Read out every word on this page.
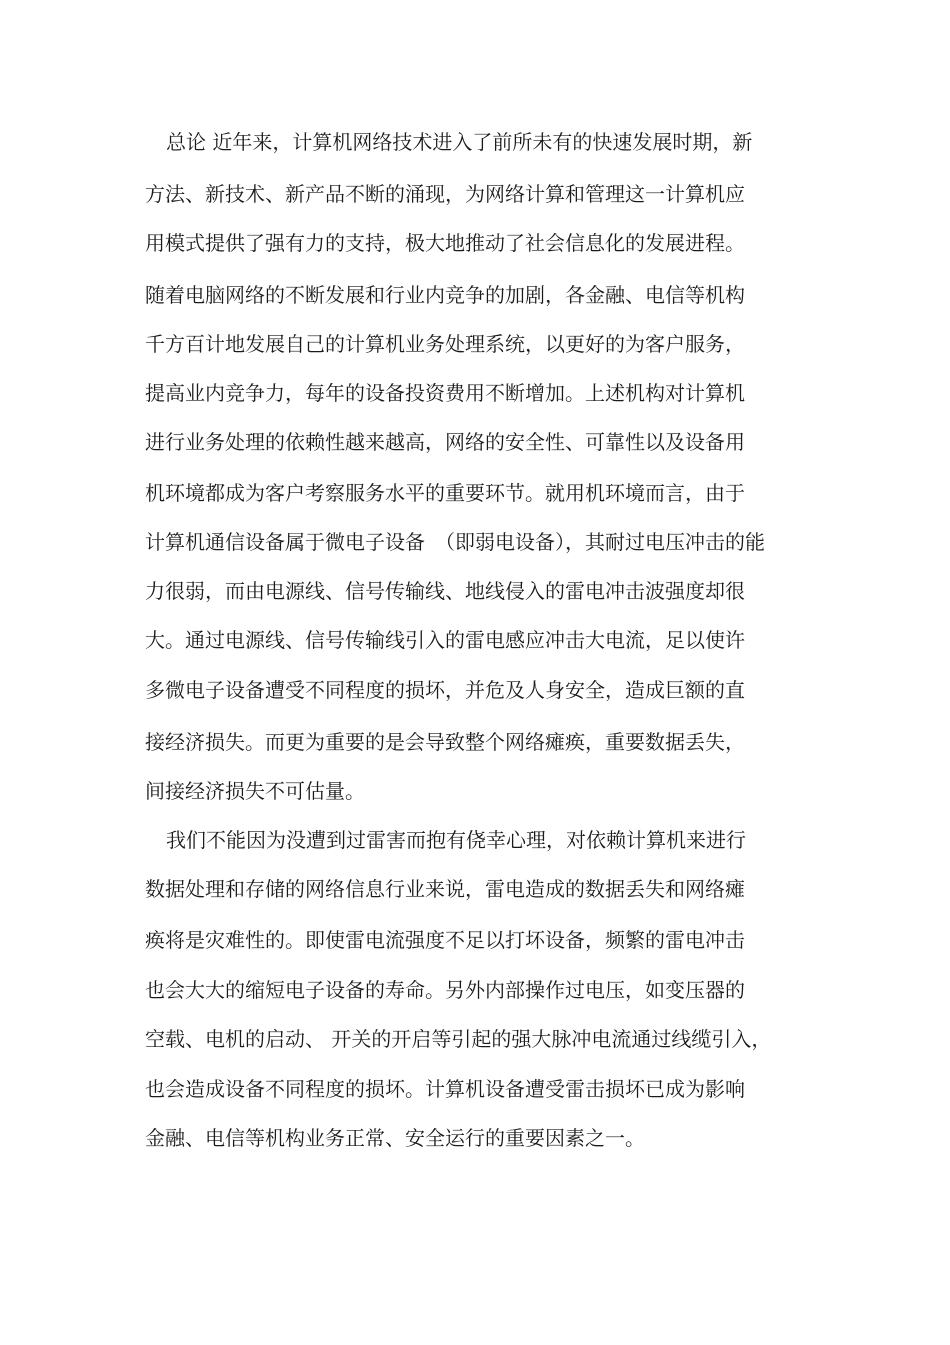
总论 近年来，计算机网络技术进入了前所未有的快速发展时期，新

方法、新技术、新产品不断的涌现，为网络计算和管理这一计算机应

用模式提供了强有力的支持，极大地推动了社会信息化的发展进程。

随着电脑网络的不断发展和行业内竞争的加剧，各金融、电信等机构

千方百计地发展自己的计算机业务处理系统，以更好的为客户服务，

提高业内竞争力，每年的设备投资费用不断增加。上述机构对计算机

进行业务处理的依赖性越来越高，网络的安全性、可靠性以及设备用

机环境都成为客户考察服务水平的重要环节。就用机环境而言，由于

计算机通信设备属于微电子设备　（即弱电设备），其耐过电压冲击的能

力很弱，而由电源线、信号传输线、地线侵入的雷电冲击波强度却很

大。通过电源线、信号传输线引入的雷电感应冲击大电流，足以使许

多微电子设备遭受不同程度的损坏，并危及人身安全，造成巨额的直

接经济损失。而更为重要的是会导致整个网络瘫痪，重要数据丢失，

间接经济损失不可估量。

我们不能因为没遭到过雷害而抱有侥幸心理，对依赖计算机来进行

数据处理和存储的网络信息行业来说，雷电造成的数据丢失和网络瘫

痪将是灾难性的。即使雷电流强度不足以打坏设备，频繁的雷电冲击

也会大大的缩短电子设备的寿命。另外内部操作过电压，如变压器的

空载、电机的启动、 开关的开启等引起的强大脉冲电流通过线缆引入，

也会造成设备不同程度的损坏。计算机设备遭受雷击损坏已成为影响

金融、电信等机构业务正常、安全运行的重要因素之一。
